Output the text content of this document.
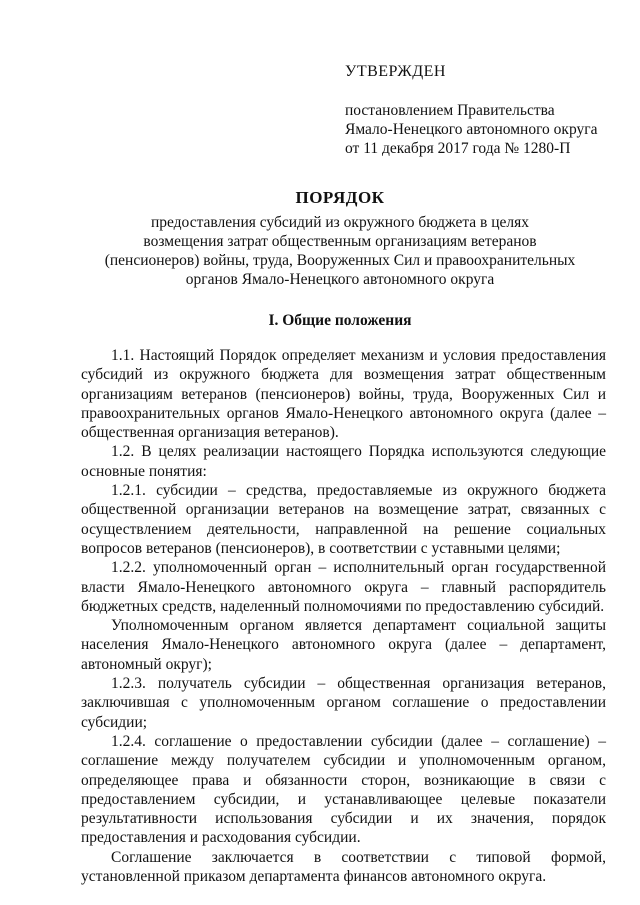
УТВЕРЖДЕН
постановлением Правительства
Ямало-Ненецкого автономного округа
от 11 декабря 2017 года № 1280-П
ПОРЯДОК
предоставления субсидий из окружного бюджета в целях
возмещения затрат общественным организациям ветеранов
(пенсионеров) войны, труда, Вооруженных Сил и правоохранительных
органов Ямало-Ненецкого автономного округа
I. Общие положения

1.1. Настоящий Порядок определяет механизм и условия предоставления субсидий из окружного бюджета для возмещения затрат общественным организациям ветеранов (пенсионеров) войны, труда, Вооруженных Сил и правоохранительных органов Ямало-Ненецкого автономного округа (далее – общественная организация ветеранов).

1.2. В целях реализации настоящего Порядка используются следующие основные понятия:

1.2.1. субсидии – средства, предоставляемые из окружного бюджета общественной организации ветеранов на возмещение затрат, связанных с осуществлением деятельности, направленной на решение социальных вопросов ветеранов (пенсионеров), в соответствии с уставными целями;

1.2.2. уполномоченный орган – исполнительный орган государственной власти Ямало-Ненецкого автономного округа – главный распорядитель бюджетных средств, наделенный полномочиями по предоставлению субсидий.

Уполномоченным органом является департамент социальной защиты населения Ямало-Ненецкого автономного округа (далее – департамент, автономный округ);

1.2.3. получатель субсидии – общественная организация ветеранов, заключившая с уполномоченным органом соглашение о предоставлении субсидии;

1.2.4. соглашение о предоставлении субсидии (далее – соглашение) – соглашение между получателем субсидии и уполномоченным органом, определяющее права и обязанности сторон, возникающие в связи с предоставлением субсидии, и устанавливающее целевые показатели результативности использования субсидии и их значения, порядок предоставления и расходования субсидии.

Соглашение заключается в соответствии с типовой формой, установленной приказом департамента финансов автономного округа.
